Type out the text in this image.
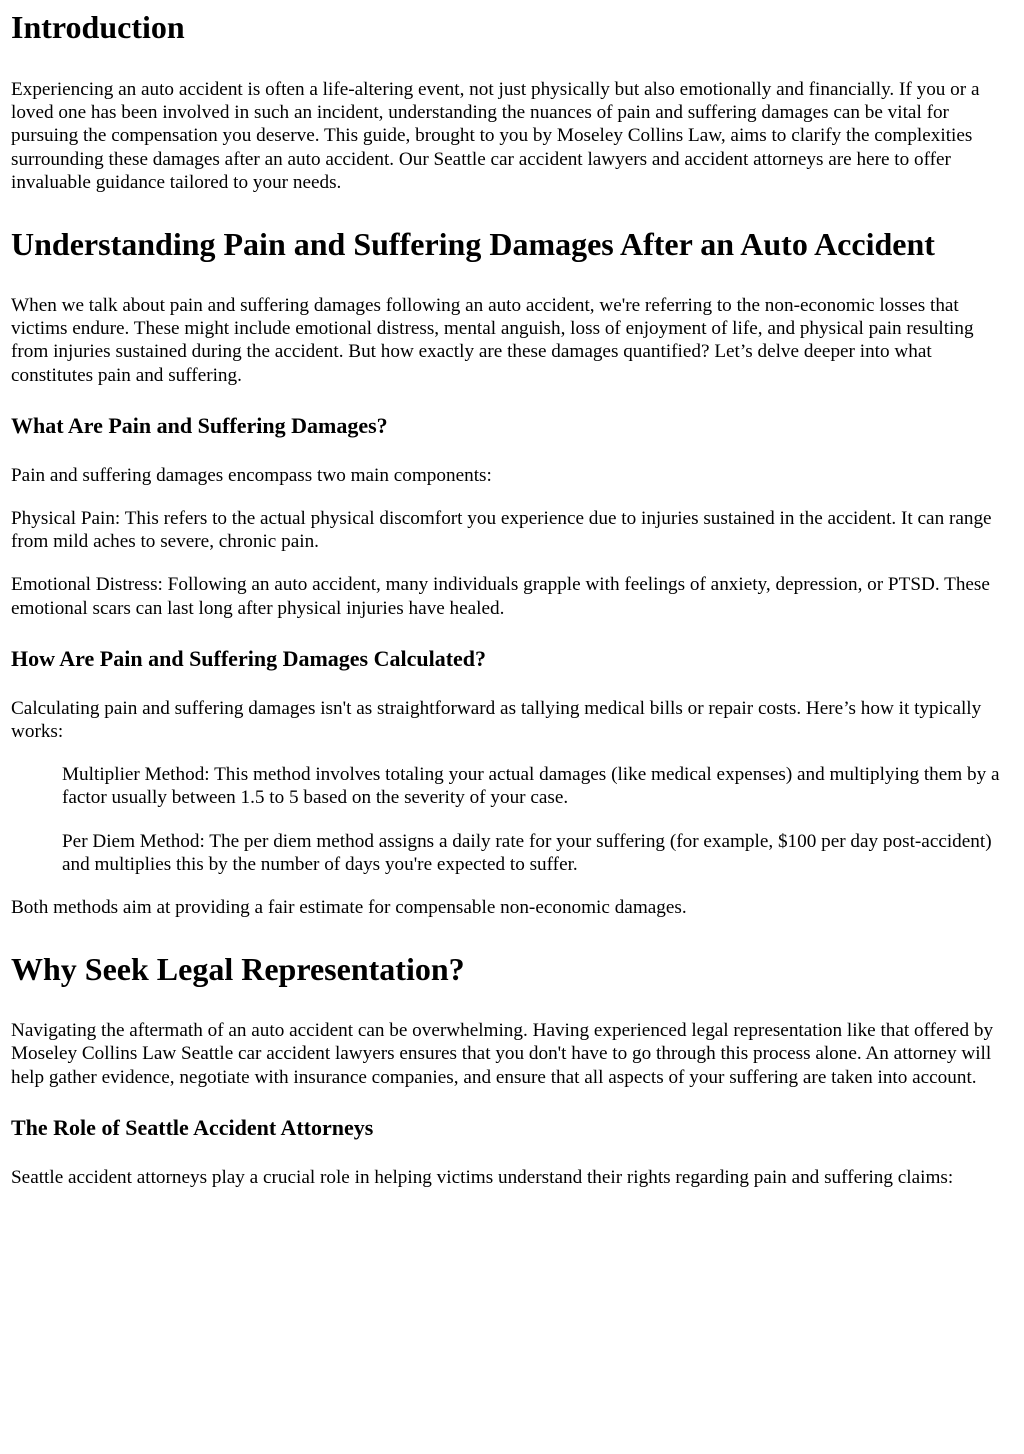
Introduction

Experiencing an auto accident is often a life-altering event, not just physically but also emotionally and financially. If you or a loved one has been involved in such an incident, understanding the nuances of pain and suffering damages can be vital for pursuing the compensation you deserve. This guide, brought to you by Moseley Collins Law, aims to clarify the complexities surrounding these damages after an auto accident. Our Seattle car accident lawyers and accident attorneys are here to offer invaluable guidance tailored to your needs.

Understanding Pain and Suffering Damages After an Auto Accident

When we talk about pain and suffering damages following an auto accident, we're referring to the non-economic losses that victims endure. These might include emotional distress, mental anguish, loss of enjoyment of life, and physical pain resulting from injuries sustained during the accident. But how exactly are these damages quantified? Let’s delve deeper into what constitutes pain and suffering.

What Are Pain and Suffering Damages?

Pain and suffering damages encompass two main components:

Physical Pain: This refers to the actual physical discomfort you experience due to injuries sustained in the accident. It can range from mild aches to severe, chronic pain.

Emotional Distress: Following an auto accident, many individuals grapple with feelings of anxiety, depression, or PTSD. These emotional scars can last long after physical injuries have healed.

How Are Pain and Suffering Damages Calculated?

Calculating pain and suffering damages isn't as straightforward as tallying medical bills or repair costs. Here’s how it typically works:

Multiplier Method: This method involves totaling your actual damages (like medical expenses) and multiplying them by a factor usually between 1.5 to 5 based on the severity of your case.

Per Diem Method: The per diem method assigns a daily rate for your suffering (for example, $100 per day post-accident) and multiplies this by the number of days you're expected to suffer.

Both methods aim at providing a fair estimate for compensable non-economic damages.

Why Seek Legal Representation?

Navigating the aftermath of an auto accident can be overwhelming. Having experienced legal representation like that offered by Moseley Collins Law Seattle car accident lawyers ensures that you don't have to go through this process alone. An attorney will help gather evidence, negotiate with insurance companies, and ensure that all aspects of your suffering are taken into account.

The Role of Seattle Accident Attorneys

Seattle accident attorneys play a crucial role in helping victims understand their rights regarding pain and suffering claims:
